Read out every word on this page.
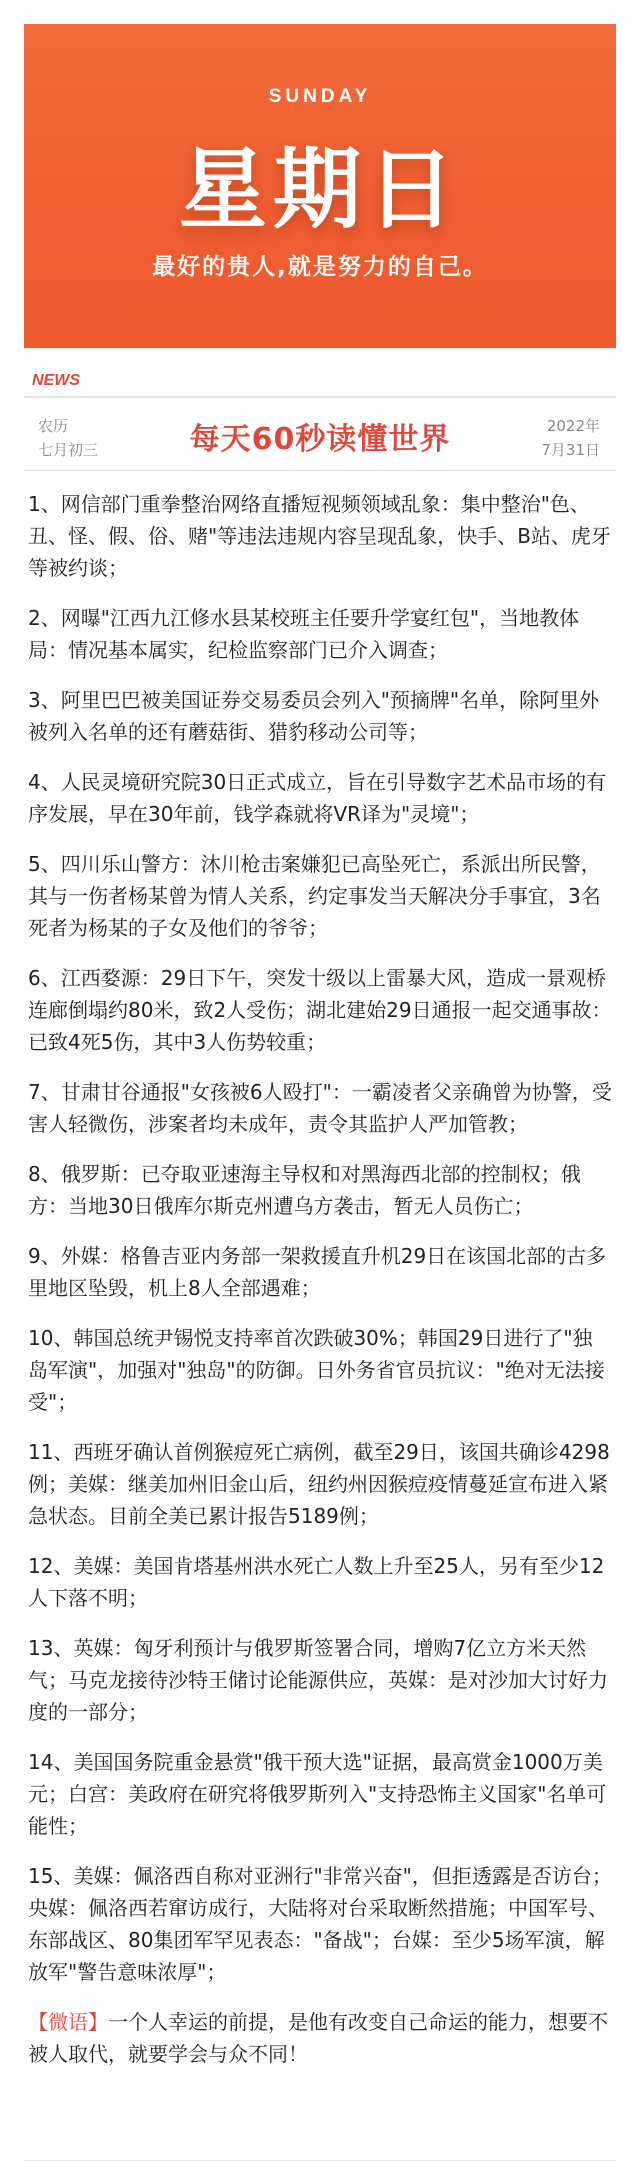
SUNDAY
星期日
最好的贵人,就是努力的自己。
NEWS
农历
七月初三	每天60秒读懂世界	2022年
7月31日

1、网信部门重拳整治网络直播短视频领域乱象：集中整治"色、丑、怪、假、俗、赌"等违法违规内容呈现乱象，快手、B站、虎牙等被约谈；

2、网曝"江西九江修水县某校班主任要升学宴红包"，当地教体局：情况基本属实，纪检监察部门已介入调查；

3、阿里巴巴被美国证券交易委员会列入"预摘牌"名单，除阿里外被列入名单的还有蘑菇街、猎豹移动公司等；

4、人民灵境研究院30日正式成立，旨在引导数字艺术品市场的有序发展，早在30年前，钱学森就将VR译为"灵境"；

5、四川乐山警方：沐川枪击案嫌犯已高坠死亡，系派出所民警，其与一伤者杨某曾为情人关系，约定事发当天解决分手事宜，3名死者为杨某的子女及他们的爷爷；

6、江西婺源：29日下午，突发十级以上雷暴大风，造成一景观桥连廊倒塌约80米，致2人受伤；湖北建始29日通报一起交通事故：已致4死5伤，其中3人伤势较重；

7、甘肃甘谷通报"女孩被6人殴打"：一霸凌者父亲确曾为协警，受害人轻微伤，涉案者均未成年，责令其监护人严加管教；

8、俄罗斯：已夺取亚速海主导权和对黑海西北部的控制权；俄方：当地30日俄库尔斯克州遭乌方袭击，暂无人员伤亡；

9、外媒：格鲁吉亚内务部一架救援直升机29日在该国北部的古多里地区坠毁，机上8人全部遇难；

10、韩国总统尹锡悦支持率首次跌破30%；韩国29日进行了"独岛军演"，加强对"独岛"的防御。日外务省官员抗议："绝对无法接受"；

11、西班牙确认首例猴痘死亡病例，截至29日，该国共确诊4298例；美媒：继美加州旧金山后，纽约州因猴痘疫情蔓延宣布进入紧急状态。目前全美已累计报告5189例；

12、美媒：美国肯塔基州洪水死亡人数上升至25人，另有至少12人下落不明；

13、英媒：匈牙利预计与俄罗斯签署合同，增购7亿立方米天然气；马克龙接待沙特王储讨论能源供应，英媒：是对沙加大讨好力度的一部分；

14、美国国务院重金悬赏"俄干预大选"证据，最高赏金1000万美元；白宫：美政府在研究将俄罗斯列入"支持恐怖主义国家"名单可能性；

15、美媒：佩洛西自称对亚洲行"非常兴奋"，但拒透露是否访台；央媒：佩洛西若窜访成行，大陆将对台采取断然措施；中国军号、东部战区、80集团军罕见表态："备战"；台媒：至少5场军演，解放军"警告意味浓厚"；

【微语】一个人幸运的前提，是他有改变自己命运的能力，想要不被人取代，就要学会与众不同！
